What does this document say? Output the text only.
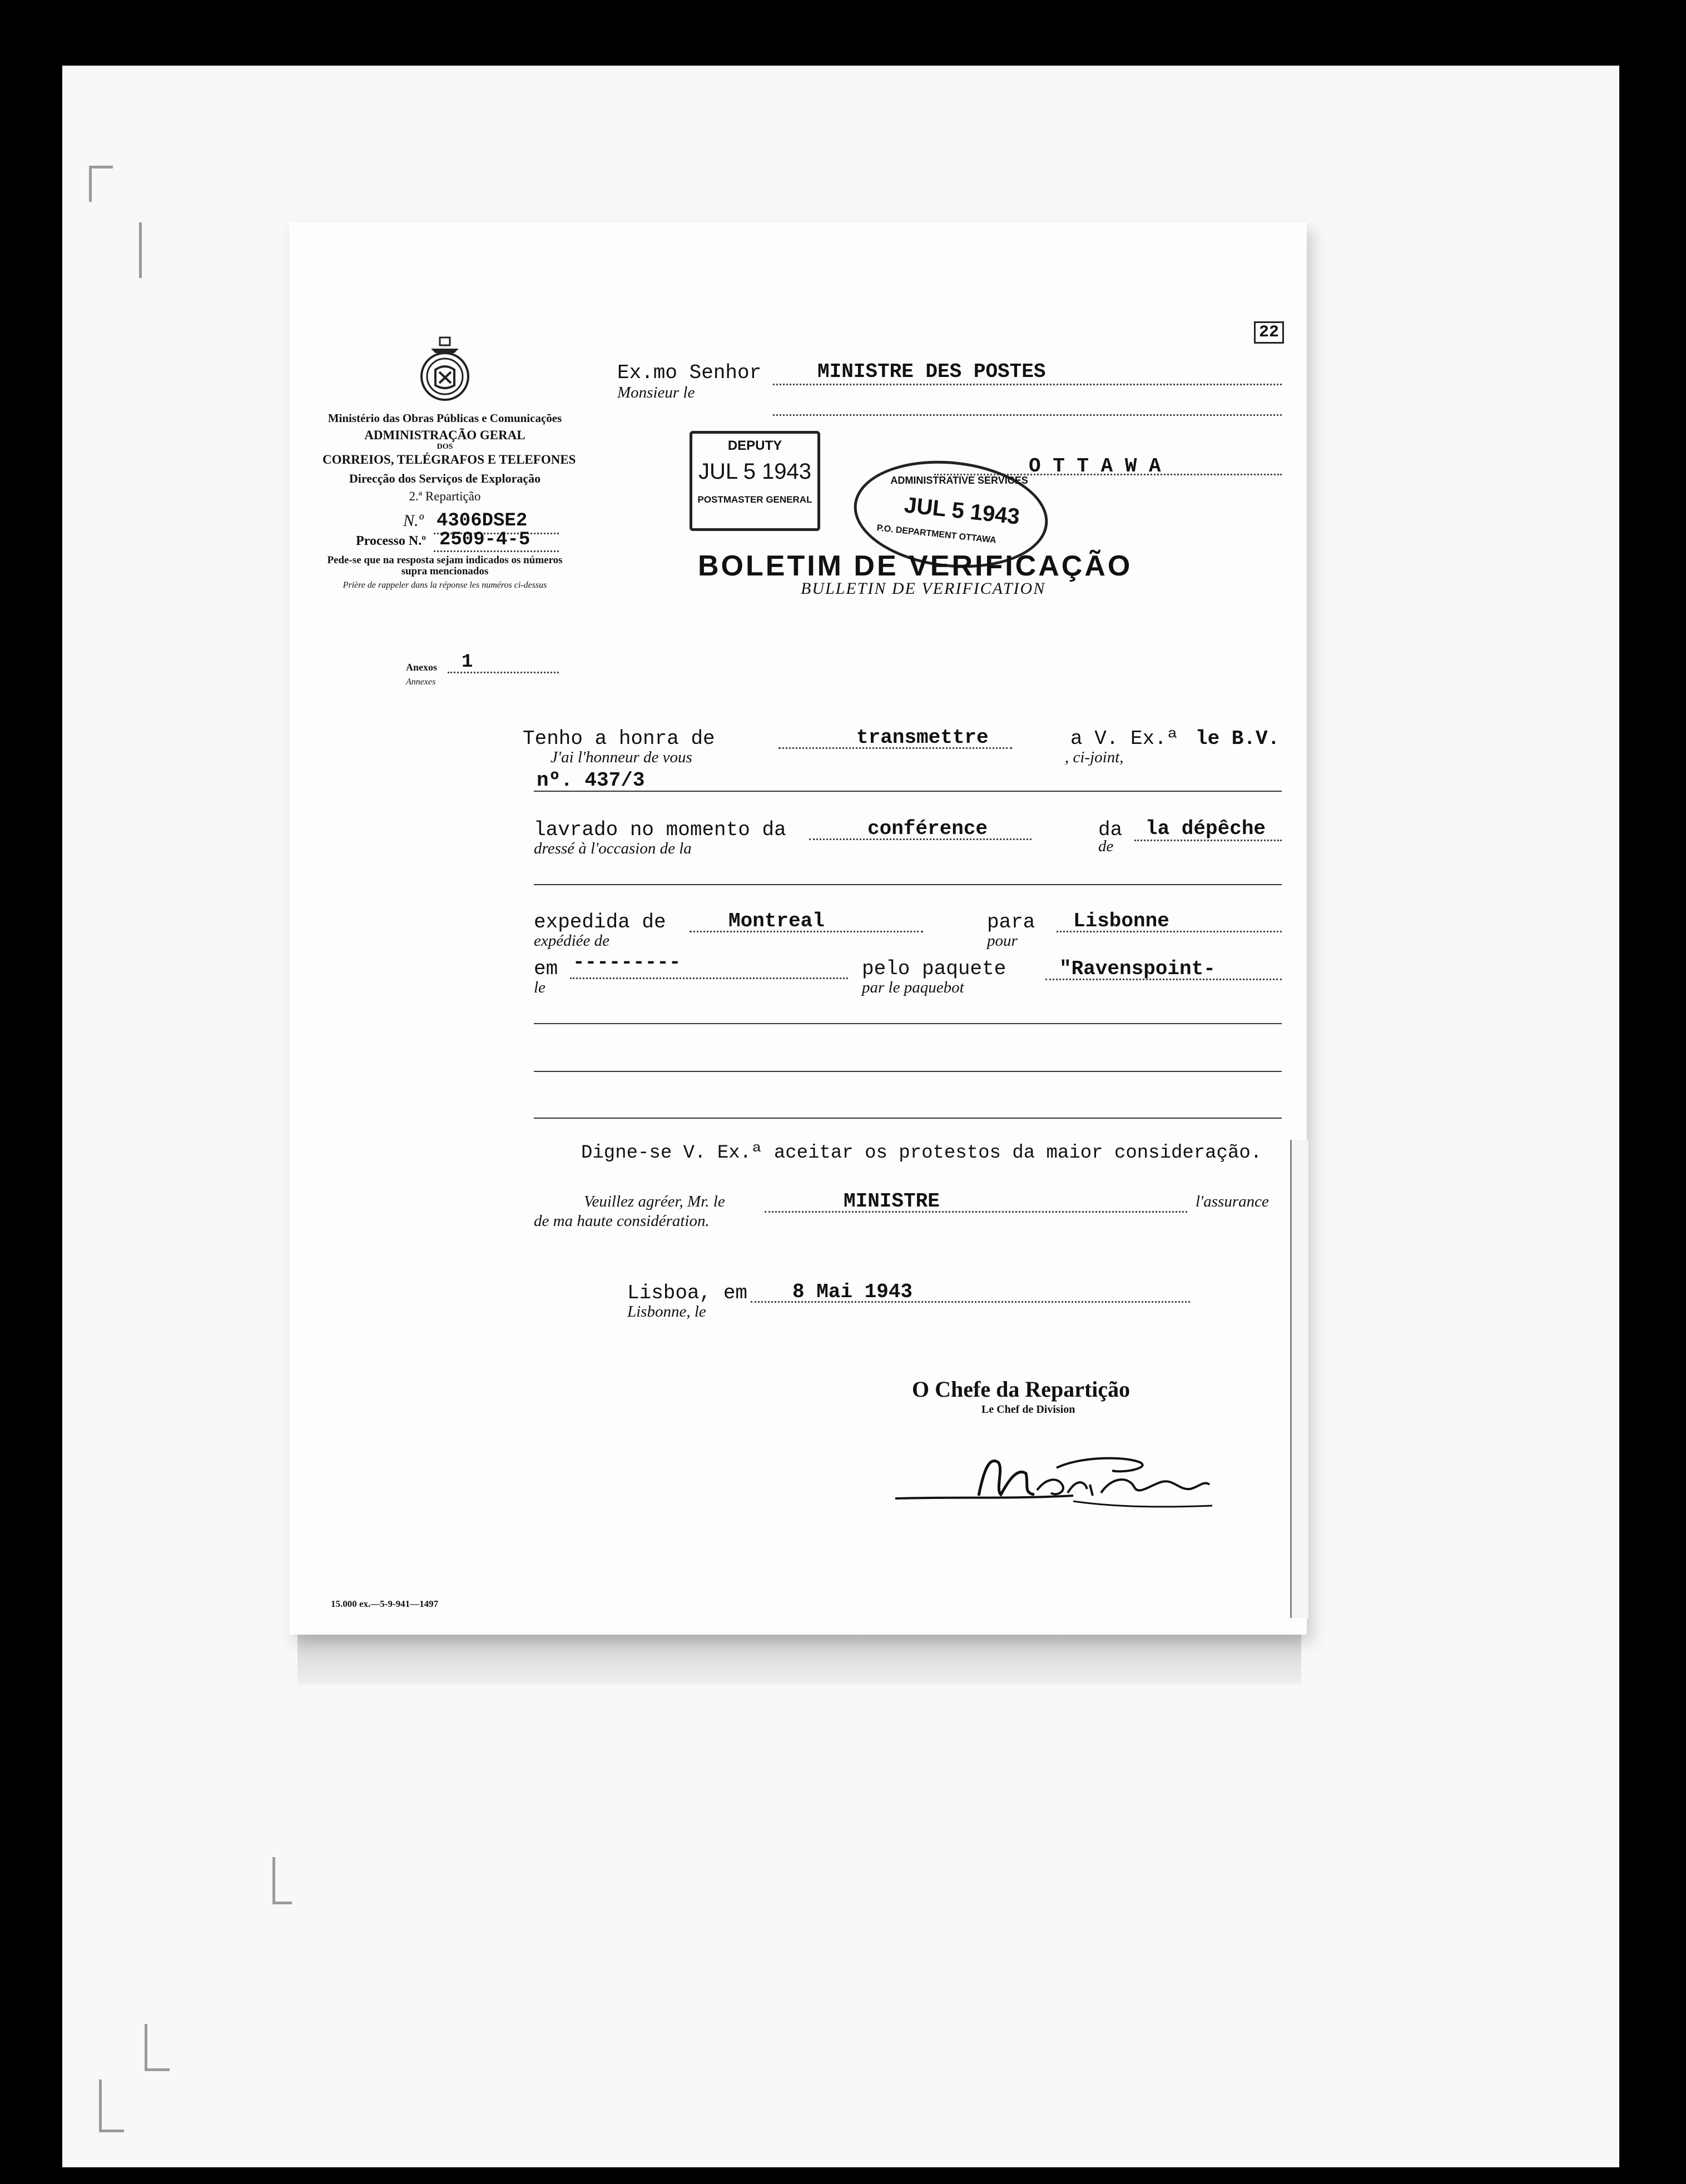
22
Ministério das Obras Públicas e Comunicações
ADMINISTRAÇÃO GERAL
DOS
CORREIOS, TELÉGRAFOS E TELEFONES
Direcção dos Serviços de Exploração
2.ª Repartição
N.º 4306DSE2
Processo N.º 2509-4-5
Pede-se que na resposta sejam indicados os números supra mencionados
Prière de rappeler dans la réponse les numéros ci-dessus
Anexos 1
Annexes
15.000 ex.—5-9-941—1497
Ex.mo Senhor
Monsieur le
MINISTRE DES POSTES
O T T A W A
DEPUTY
JUL 5 1943
POSTMASTER GENERAL
ADMINISTRATIVE SERVICES
JUL 5 1943
P.O. DEPARTMENT OTTAWA
BOLETIM DE VERIFICAÇÃO
BULLETIN DE VERIFICATION
Tenho a honra de
J'ai l'honneur de vous
transmettre	a V. Ex.ª
, ci-joint,
le B.V.
nº. 437/3
lavrado no momento da
dressé à l'occasion de la
conférence	da
de
la dépêche
expedida de
expédiée de
Montreal	para
pour
Lisbonne
em
le
---------	pelo paquete
par le paquebot
"Ravenspoint-
Digne-se V. Ex.ª aceitar os protestos da maior consideração.
Veuillez agréer, Mr. le	MINISTRE	l'assurance
de ma haute considération.
Lisboa, em
Lisbonne, le
8 Mai 1943
O Chefe da Repartição
Le Chef de Division
